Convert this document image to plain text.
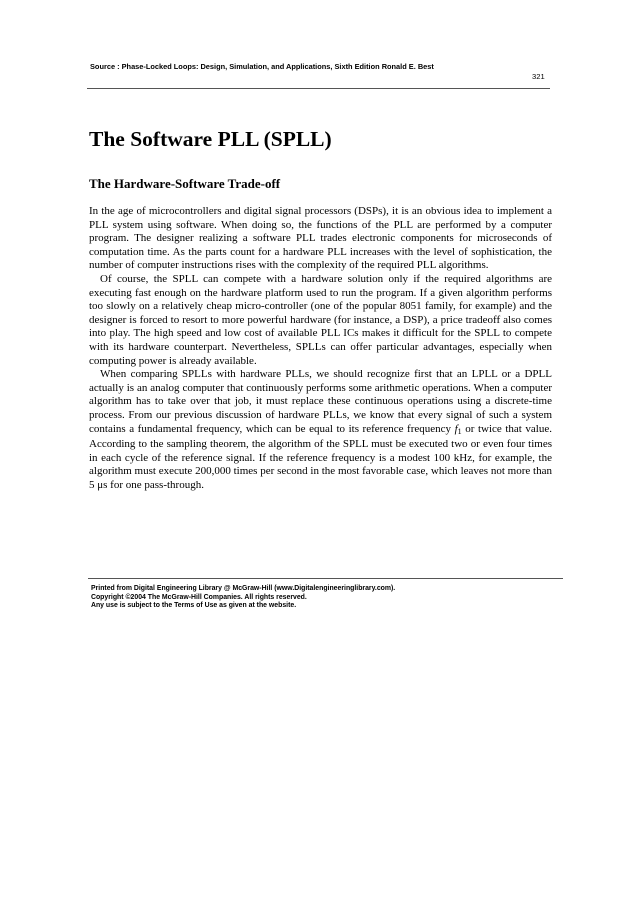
Source : Phase-Locked Loops: Design, Simulation, and Applications, Sixth Edition Ronald E. Best
321
The Software PLL (SPLL)
The Hardware-Software Trade-off

In the age of microcontrollers and digital signal processors (DSPs), it is an obvious idea to implement a PLL system using software. When doing so, the functions of the PLL are performed by a computer program. The designer realizing a software PLL trades electronic components for microseconds of computation time. As the parts count for a hardware PLL increases with the level of sophistication, the number of computer instructions rises with the complexity of the required PLL algorithms.

Of course, the SPLL can compete with a hardware solution only if the required algorithms are executing fast enough on the hardware platform used to run the program. If a given algorithm performs too slowly on a relatively cheap micro-controller (one of the popular 8051 family, for example) and the designer is forced to resort to more powerful hardware (for instance, a DSP), a price tradeoff also comes into play. The high speed and low cost of available PLL ICs makes it difficult for the SPLL to compete with its hardware counterpart. Nevertheless, SPLLs can offer particular advantages, especially when computing power is already available.

When comparing SPLLs with hardware PLLs, we should recognize first that an LPLL or a DPLL actually is an analog computer that continuously performs some arithmetic operations. When a computer algorithm has to take over that job, it must replace these continuous operations using a discrete-time process. From our previous discussion of hardware PLLs, we know that every signal of such a system contains a fundamental frequency, which can be equal to its reference frequency $f_1$ or twice that value. According to the sampling theorem, the algorithm of the SPLL must be executed two or even four times in each cycle of the reference signal. If the reference frequency is a modest 100 kHz, for example, the algorithm must execute 200,000 times per second in the most favorable case, which leaves not more than 5 μs for one pass-through.

Printed from Digital Engineering Library @ McGraw-Hill (www.Digitalengineeringlibrary.com).
Copyright ©2004 The McGraw-Hill Companies. All rights reserved.
Any use is subject to the Terms of Use as given at the website.
